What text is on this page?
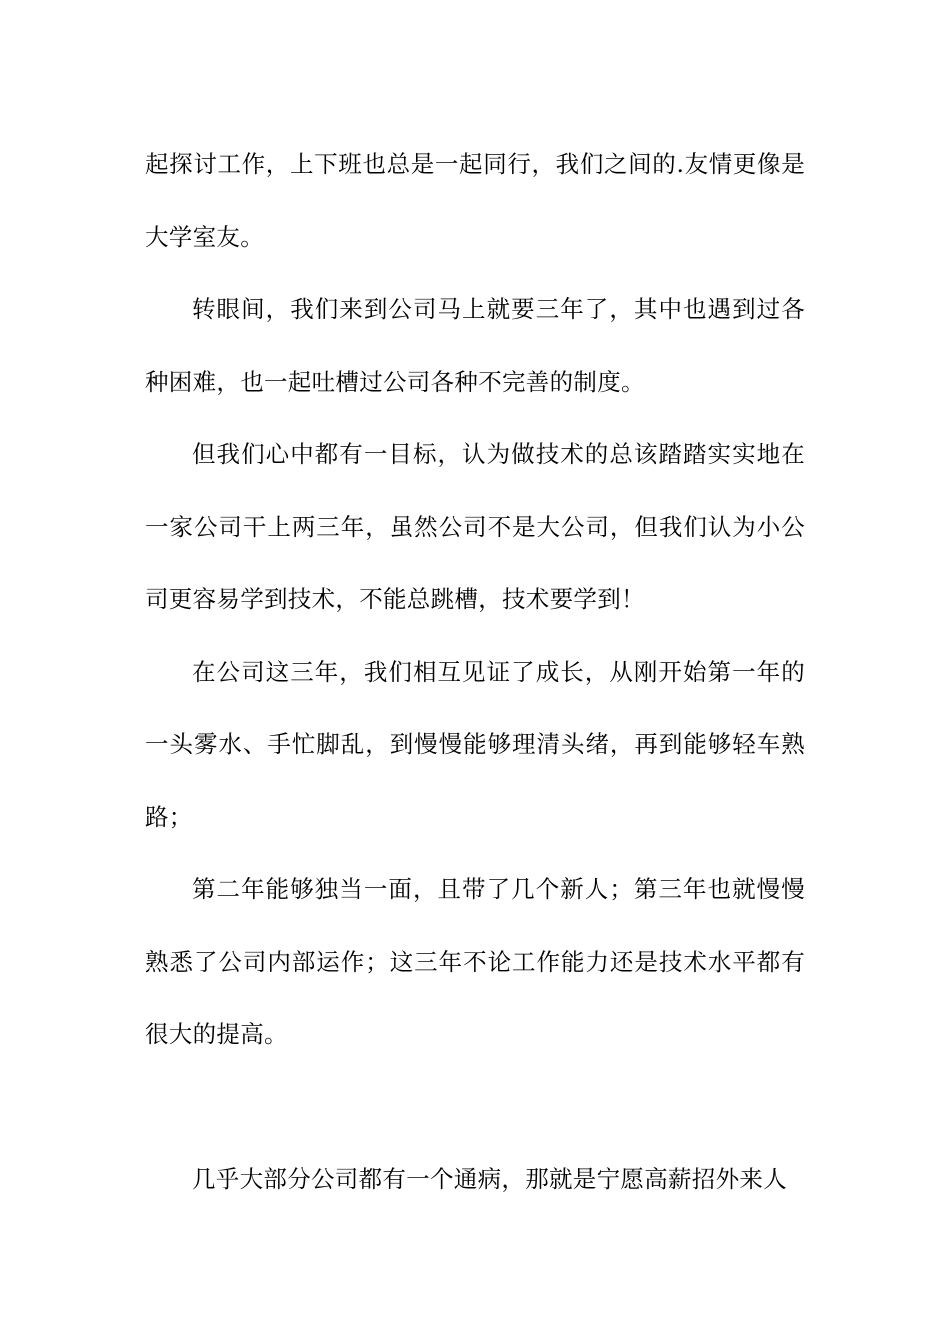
起探讨工作，上下班也总是一起同行，我们之间的.友情更像是大学室友。

转眼间，我们来到公司马上就要三年了，其中也遇到过各种困难，也一起吐槽过公司各种不完善的制度。

但我们心中都有一目标，认为做技术的总该踏踏实实地在一家公司干上两三年，虽然公司不是大公司，但我们认为小公司更容易学到技术，不能总跳槽，技术要学到！

在公司这三年，我们相互见证了成长，从刚开始第一年的一头雾水、手忙脚乱，到慢慢能够理清头绪，再到能够轻车熟路；

第二年能够独当一面，且带了几个新人；第三年也就慢慢熟悉了公司内部运作；这三年不论工作能力还是技术水平都有很大的提高。

几乎大部分公司都有一个通病，那就是宁愿高薪招外来人
